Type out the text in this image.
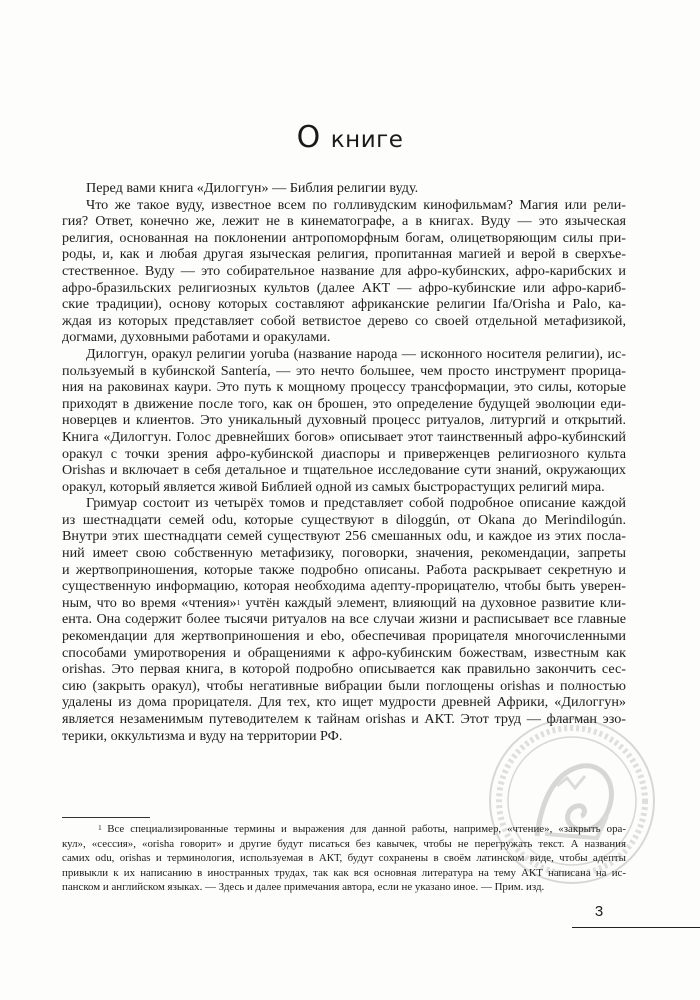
О книге
Перед вами книга «Дилоггун» — Библия религии вуду.
Что же такое вуду, известное всем по голливудским кинофильмам? Магия или рели-
гия? Ответ, конечно же, лежит не в кинематографе, а в книгах. Вуду — это языческая
религия, основанная на поклонении антропоморфным богам, олицетворяющим силы при-
роды, и, как и любая другая языческая религия, пропитанная магией и верой в сверхъе-
стественное. Вуду — это собирательное название для афро-кубинских, афро-карибских и
афро-бразильских религиозных культов (далее АКТ — афро-кубинские или афро-кариб-
ские традиции), основу которых составляют африканские религии Ifa/Orisha и Palo, ка-
ждая из которых представляет собой ветвистое дерево со своей отдельной метафизикой,
догмами, духовными работами и оракулами.
Дилоггун, оракул религии yoruba (название народа — исконного носителя религии), ис-
пользуемый в кубинской Santería, — это нечто большее, чем просто инструмент прорица-
ния на раковинах каури. Это путь к мощному процессу трансформации, это силы, которые
приходят в движение после того, как он брошен, это определение будущей эволюции еди-
новерцев и клиентов. Это уникальный духовный процесс ритуалов, литургий и открытий.
Книга «Дилоггун. Голос древнейших богов» описывает этот таинственный афро-кубинский
оракул с точки зрения афро-кубинской диаспоры и приверженцев религиозного культа
Orishas и включает в себя детальное и тщательное исследование сути знаний, окружающих
оракул, который является живой Библией одной из самых быстрорастущих религий мира.
Гримуар состоит из четырёх томов и представляет собой подробное описание каждой
из шестнадцати семей odu, которые существуют в diloggún, от Okana до Merindilogún.
Внутри этих шестнадцати семей существуют 256 смешанных odu, и каждое из этих посла-
ний имеет свою собственную метафизику, поговорки, значения, рекомендации, запреты
и жертвоприношения, которые также подробно описаны. Работа раскрывает секретную и
существенную информацию, которая необходима адепту-прорицателю, чтобы быть уверен-
ным, что во время «чтения»$^1$ учтён каждый элемент, влияющий на духовное развитие кли-
ента. Она содержит более тысячи ритуалов на все случаи жизни и расписывает все главные
рекомендации для жертвоприношения и ebo, обеспечивая прорицателя многочисленными
способами умиротворения и обращениями к афро-кубинским божествам, известным как
orishas. Это первая книга, в которой подробно описывается как правильно закончить сес-
сию (закрыть оракул), чтобы негативные вибрации были поглощены orishas и полностью
удалены из дома прорицателя. Для тех, кто ищет мудрости древней Африки, «Дилоггун»
является незаменимым путеводителем к тайнам orishas и АКТ. Этот труд — флагман эзо-
терики, оккультизма и вуду на территории РФ.
$^1$  Все специализированные термины и выражения для данной работы, например, «чтение», «закрыть ора-
кул», «сессия», «orisha говорит» и другие будут писаться без кавычек, чтобы не перегружать текст. А названия
самих odu, orishas и терминология, используемая в АКТ, будут сохранены в своём латинском виде, чтобы адепты
привыкли к их написанию в иностранных трудах, так как вся основная литература на тему АКТ написана на ис-
панском и английском языках. — Здесь и далее примечания автора, если не указано иное. — Прим. изд.
3
